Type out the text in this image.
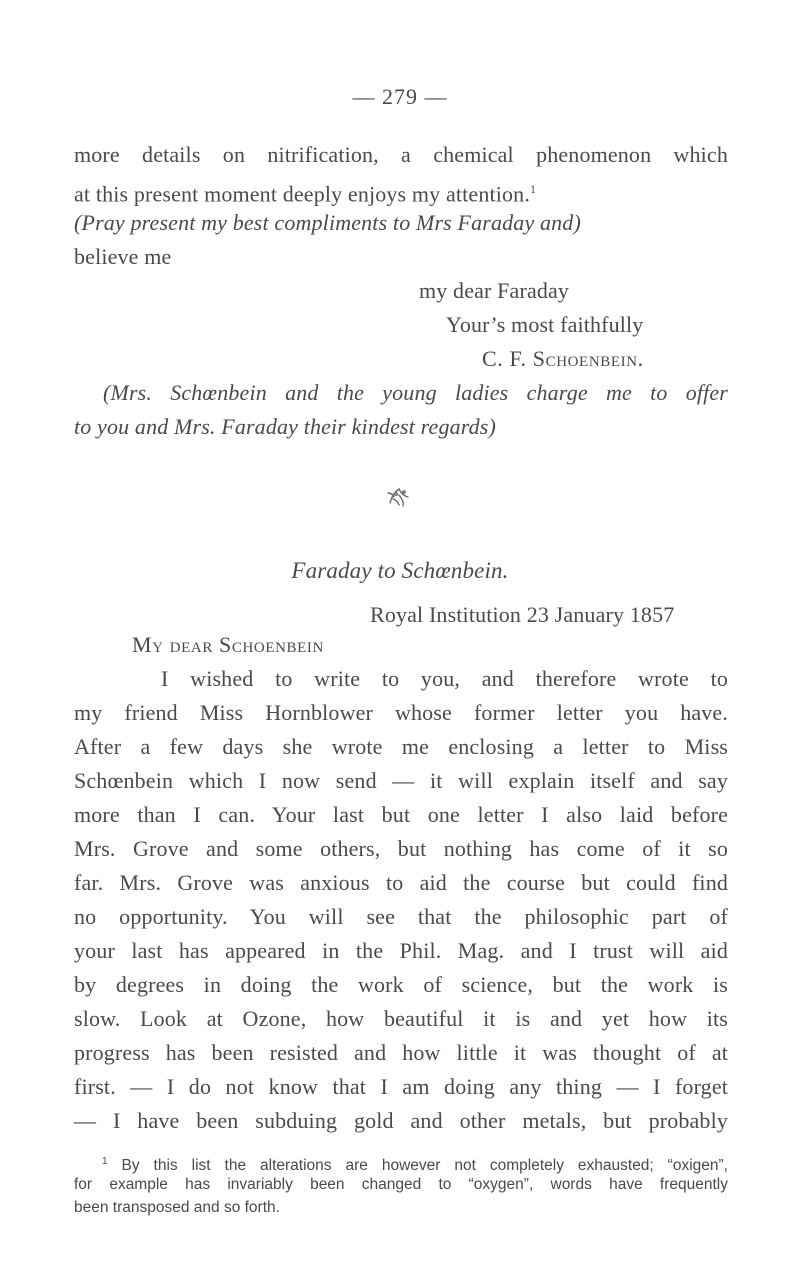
— 279 —
more details on nitrification, a chemical phenomenon which
at this present moment deeply enjoys my attention.$^1$
(Pray present my best compliments to Mrs Faraday and)
believe me
my dear Faraday
Your’s most faithfully
C. F. Schoenbein.
(Mrs. Schœnbein and the young ladies charge me to offer
to you and Mrs. Faraday their kindest regards)
Faraday to Schœnbein.
Royal Institution 23 January 1857
My dear Schoenbein
I wished to write to you, and therefore wrote to
my friend Miss Hornblower whose former letter you have.
After a few days she wrote me enclosing a letter to Miss
Schœnbein which I now send — it will explain itself and say
more than I can. Your last but one letter I also laid before
Mrs. Grove and some others, but nothing has come of it so
far. Mrs. Grove was anxious to aid the course but could find
no opportunity. You will see that the philosophic part of
your last has appeared in the Phil. Mag. and I trust will aid
by degrees in doing the work of science, but the work is
slow. Look at Ozone, how beautiful it is and yet how its
progress has been resisted and how little it was thought of at
first. — I do not know that I am doing any thing — I forget
— I have been subduing gold and other metals, but probably
$^1$ By this list the alterations are however not completely exhausted; “oxigen”,
for example has invariably been changed to “oxygen”, words have frequently
been transposed and so forth.
